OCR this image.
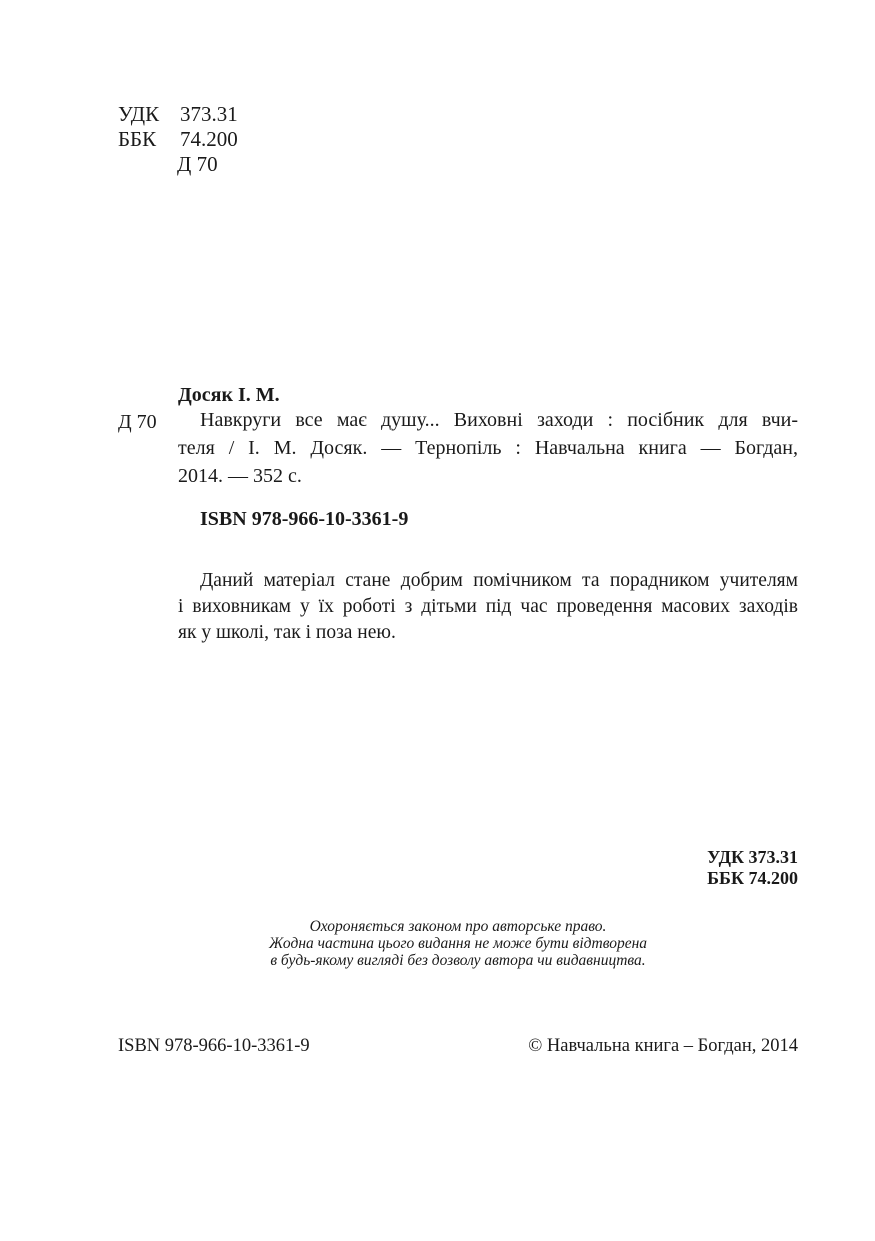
УДК 373.31
ББК 74.200
Д 70
Досяк І. М.
Д 70	Навкруги все має душу... Виховні заходи : посібник для вчи-
теля / І. М. Досяк. — Тернопіль : Навчальна книга — Богдан,
2014. — 352 с.
ISBN 978-966-10-3361-9
Даний матеріал стане добрим помічником та порадником учителям
і виховникам у їх роботі з дітьми під час проведення масових заходів
як у школі, так і поза нею.
УДК 373.31
ББК 74.200
Охороняється законом про авторське право.
Жодна частина цього видання не може бути відтворена
в будь-якому вигляді без дозволу автора чи видавництва.
ISBN 978-966-10-3361-9	© Навчальна книга – Богдан, 2014
